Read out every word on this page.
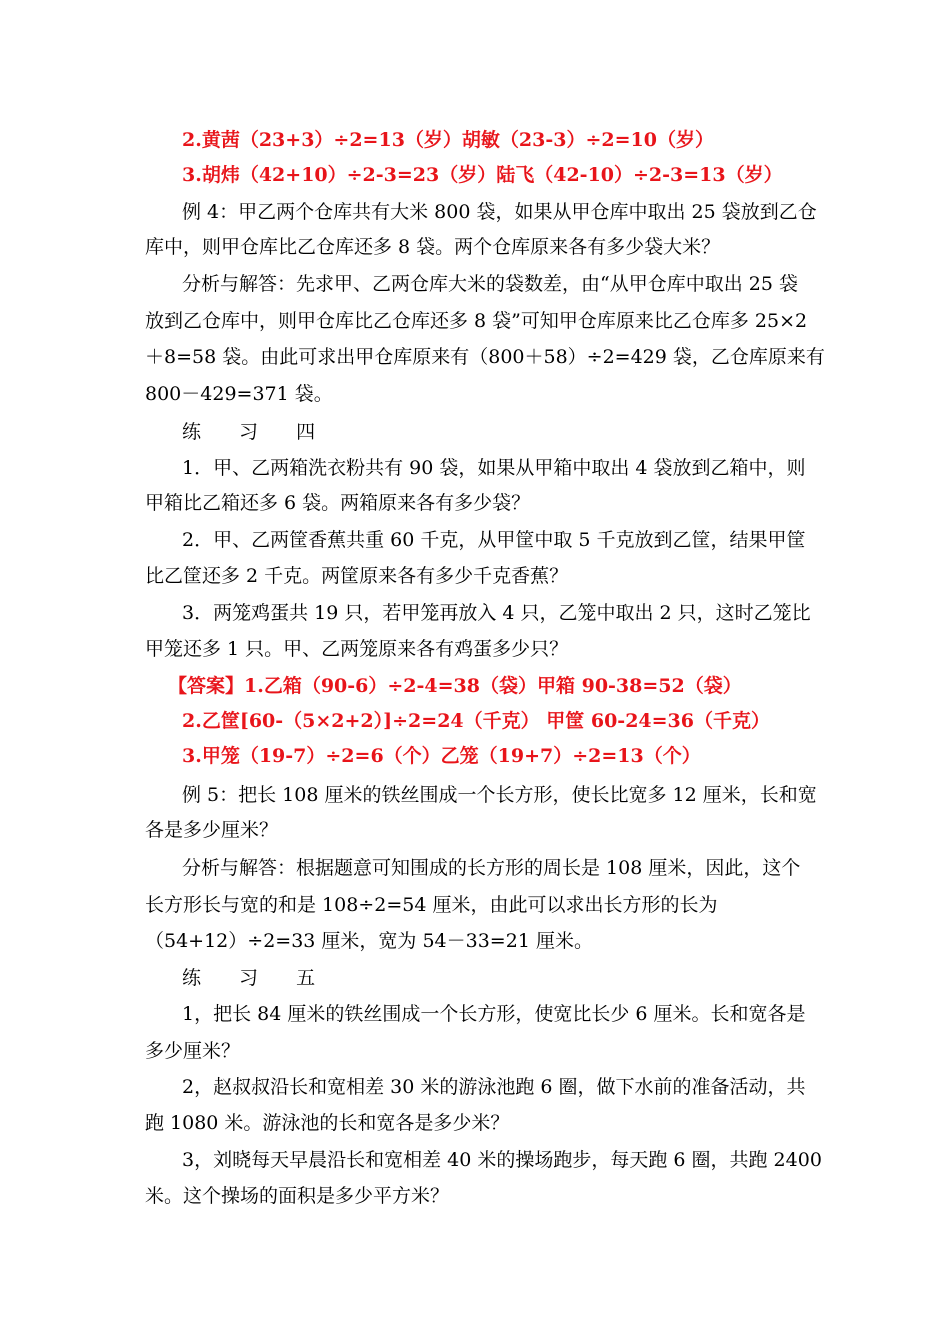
2.黄茜（23+3）÷2=13（岁）胡敏（23-3）÷2=10（岁）
3.胡炜（42+10）÷2-3=23（岁）陆飞（42-10）÷2-3=13（岁）
例 4：甲乙两个仓库共有大米 800 袋，如果从甲仓库中取出 25 袋放到乙仓
库中，则甲仓库比乙仓库还多 8 袋。两个仓库原来各有多少袋大米？
分析与解答：先求甲、乙两仓库大米的袋数差，由“从甲仓库中取出 25 袋
放到乙仓库中，则甲仓库比乙仓库还多 8 袋”可知甲仓库原来比乙仓库多 25×2
＋8=58 袋。由此可求出甲仓库原来有（800＋58）÷2=429 袋，乙仓库原来有
800－429=371 袋。
练 习 四
1．甲、乙两箱洗衣粉共有 90 袋，如果从甲箱中取出 4 袋放到乙箱中，则
甲箱比乙箱还多 6 袋。两箱原来各有多少袋？
2．甲、乙两筐香蕉共重 60 千克，从甲筐中取 5 千克放到乙筐，结果甲筐
比乙筐还多 2 千克。两筐原来各有多少千克香蕉？
3．两笼鸡蛋共 19 只，若甲笼再放入 4 只，乙笼中取出 2 只，这时乙笼比
甲笼还多 1 只。甲、乙两笼原来各有鸡蛋多少只？
【答案】1.乙箱（90-6）÷2-4=38（袋）甲箱 90-38=52（袋）
2.乙筐[60-（5×2+2）]÷2=24（千克） 甲筐 60-24=36（千克）
3.甲笼（19-7）÷2=6（个）乙笼（19+7）÷2=13（个）
例 5：把长 108 厘米的铁丝围成一个长方形，使长比宽多 12 厘米，长和宽
各是多少厘米？
分析与解答：根据题意可知围成的长方形的周长是 108 厘米，因此，这个
长方形长与宽的和是 108÷2=54 厘米，由此可以求出长方形的长为
（54+12）÷2=33 厘米，宽为 54－33=21 厘米。
练 习 五
1，把长 84 厘米的铁丝围成一个长方形，使宽比长少 6 厘米。长和宽各是
多少厘米？
2，赵叔叔沿长和宽相差 30 米的游泳池跑 6 圈，做下水前的准备活动，共
跑 1080 米。游泳池的长和宽各是多少米？
3，刘晓每天早晨沿长和宽相差 40 米的操场跑步，每天跑 6 圈，共跑 2400
米。这个操场的面积是多少平方米？
